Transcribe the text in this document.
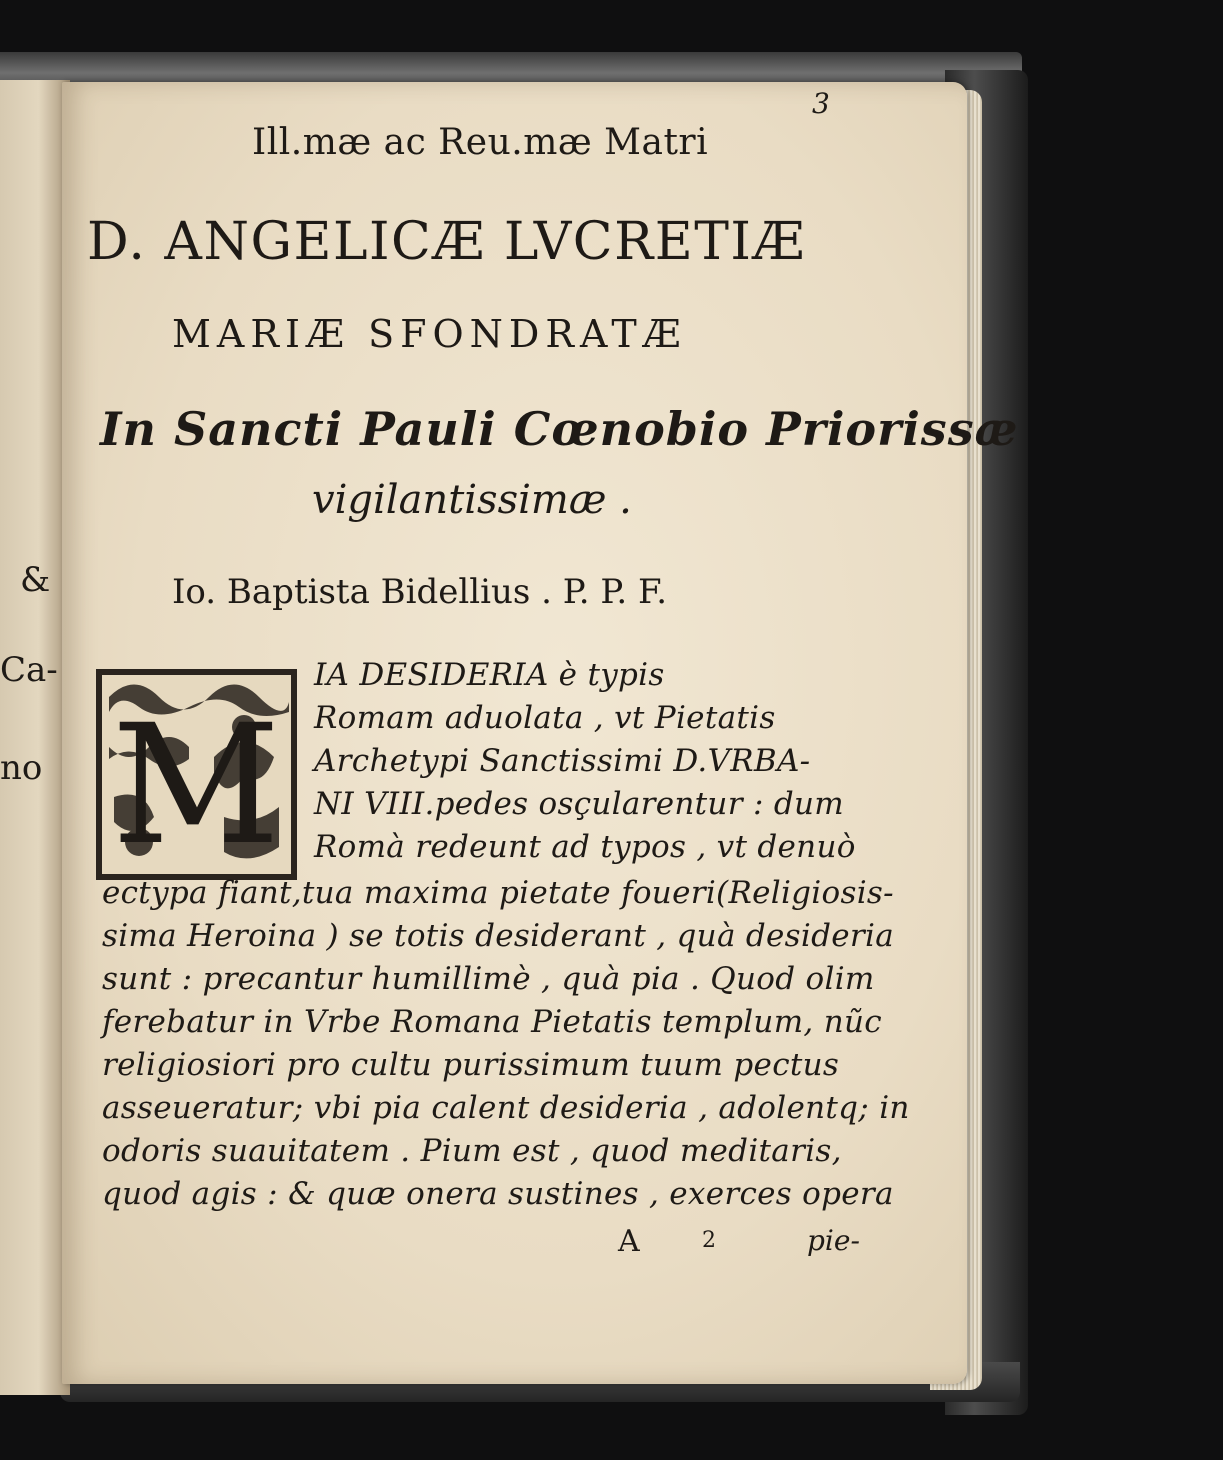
&
Ca-
no
3
Ill.mæ ac Reu.mæ Matri
D. ANGELICÆ LVCRETIÆ
MARIÆ SFONDRATÆ
In Sancti Pauli Cœnobio Priorissæ
vigilantissimæ .
Io. Baptista Bidellius . P. P. F.
M
IA DESIDERIA è typis
Romam aduolata , vt Pietatis
Archetypi Sanctissimi D.VRBA-
NI VIII.pedes osçularentur : dum
Romà redeunt ad typos , vt denuò
ectypa fiant,tua maxima pietate foueri(Religiosis-
sima Heroina ) se totis desiderant , quà desideria
sunt : precantur humillimè , quà pia . Quod olim
ferebatur in Vrbe Romana Pietatis templum, nũc
religiosiori pro cultu purissimum tuum pectus
asseueratur; vbi pia calent desideria , adolentq; in
odoris suauitatem . Pium est , quod meditaris,
quod agis : & quæ onera sustines , exerces opera
A	2	pie-
